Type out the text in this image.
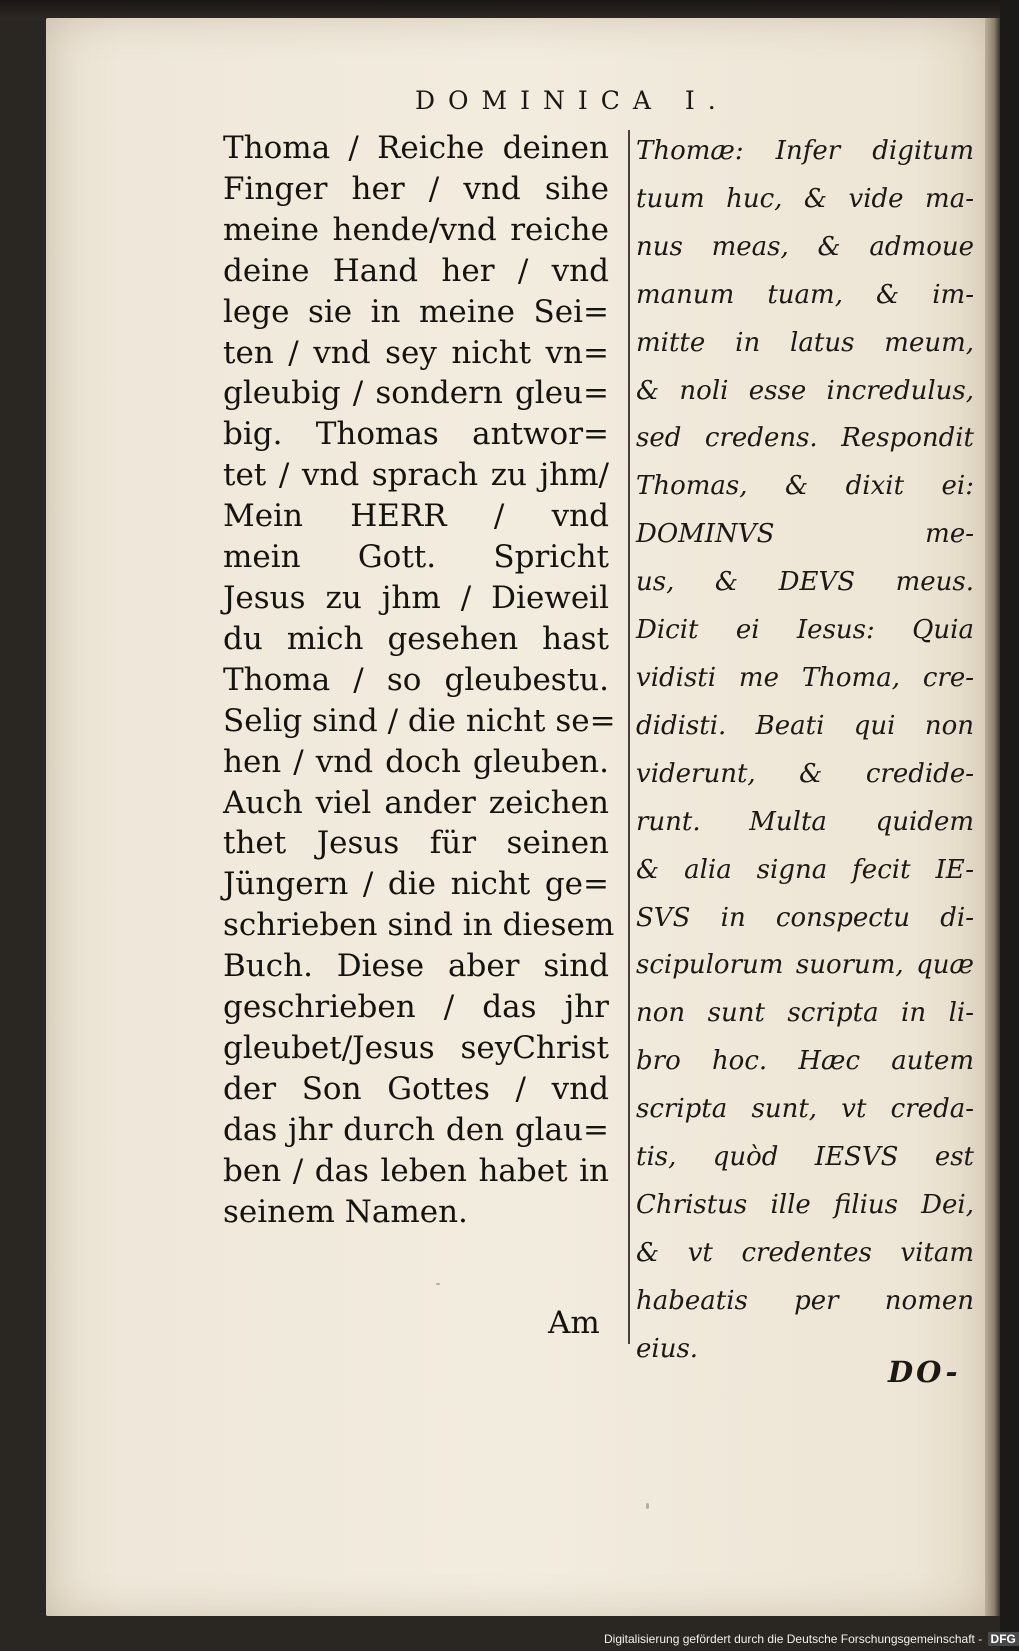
DOMINICA I.
Thoma / Reiche deinen
Finger her / vnd sihe
meine hende/vnd reiche
deine Hand her / vnd
lege sie in meine Sei=
ten / vnd sey nicht vn=
gleubig / sondern gleu=
big. Thomas antwor=
tet / vnd sprach zu jhm/
Mein HERR / vnd
mein Gott. Spricht
Jesus zu jhm / Dieweil
du mich gesehen hast
Thoma / so gleubestu.
Selig sind / die nicht se=
hen / vnd doch gleuben.
Auch viel ander zeichen
thet Jesus für seinen
Jüngern / die nicht ge=
schrieben sind in diesem
Buch. Diese aber sind
geschrieben / das jhr
gleubet/Jesus seyChrist
der Son Gottes / vnd
das jhr durch den glau=
ben / das leben habet in
seinem Namen.
Am
Thomæ: Infer digitum
tuum huc, & vide ma-
nus meas, & admoue
manum tuam, & im-
mitte in latus meum,
& noli esse incredulus,
sed credens. Respondit
Thomas, & dixit ei:
DOMINVS me-
us, & DEVS meus.
Dicit ei Iesus: Quia
vidisti me Thoma, cre-
didisti. Beati qui non
viderunt, & credide-
runt. Multa quidem
& alia signa fecit IE-
SVS in conspectu di-
scipulorum suorum, quæ
non sunt scripta in li-
bro hoc. Hæc autem
scripta sunt, vt creda-
tis, quòd IESVS est
Christus ille filius Dei,
& vt credentes vitam
habeatis per nomen
eius.
DO-
Digitalisierung gefördert durch die Deutsche Forschungsgemeinschaft - DFG
